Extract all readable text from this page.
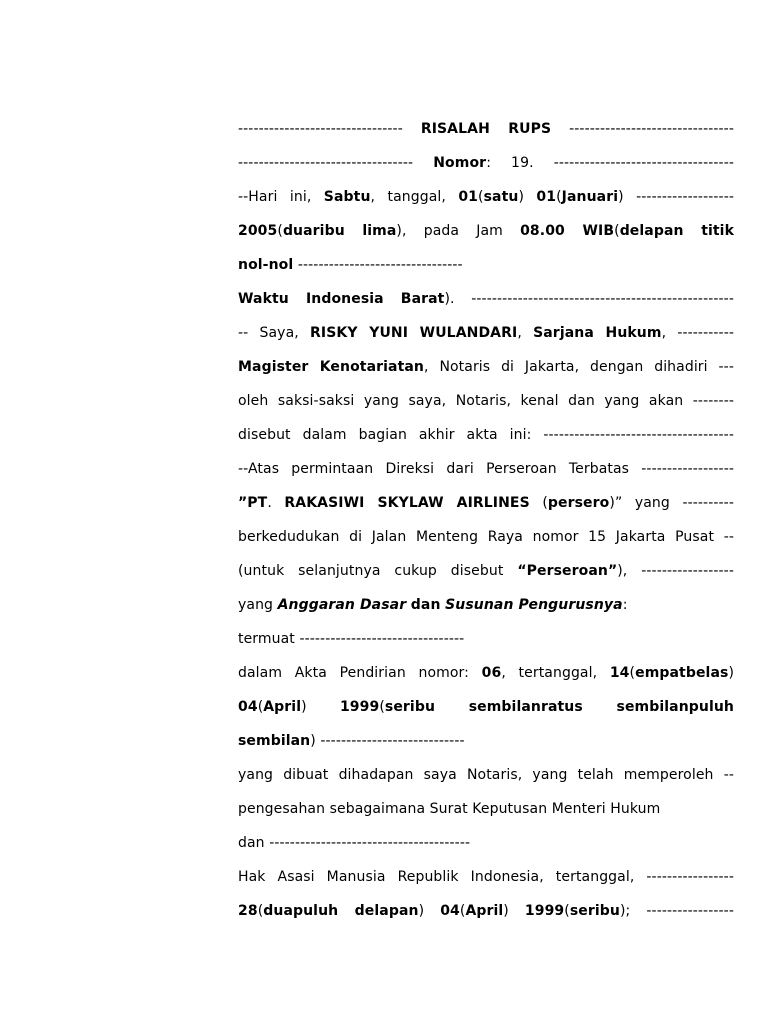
-------------------------------- RISALAH RUPS --------------------------------
---------------------------------- Nomor: 19. -----------------------------------
--Hari ini, Sabtu, tanggal, 01(satu) 01(Januari) -------------------
2005(duaribu lima), pada Jam 08.00 WIB(delapan titik
nol-nol --------------------------------
Waktu Indonesia Barat). ---------------------------------------------------
-- Saya, RISKY YUNI WULANDARI, Sarjana Hukum, -----------
Magister Kenotariatan, Notaris di Jakarta, dengan dihadiri ---
oleh saksi-saksi yang saya, Notaris, kenal dan yang akan --------
disebut dalam bagian akhir akta ini: -------------------------------------
--Atas permintaan Direksi dari Perseroan Terbatas ------------------
”PT. RAKASIWI SKYLAW AIRLINES (persero)” yang ----------
berkedudukan di Jalan Menteng Raya nomor 15 Jakarta Pusat --
(untuk selanjutnya cukup disebut “Perseroan”), ------------------
yang Anggaran Dasar dan Susunan Pengurusnya:
termuat --------------------------------
dalam Akta Pendirian nomor: 06, tertanggal, 14(empatbelas)
04(April) 1999(seribu sembilanratus sembilanpuluh
sembilan) ----------------------------
yang dibuat dihadapan saya Notaris, yang telah memperoleh --
pengesahan sebagaimana Surat Keputusan Menteri Hukum
dan ---------------------------------------
Hak Asasi Manusia Republik Indonesia, tertanggal, -----------------
28(duapuluh delapan) 04(April) 1999(seribu); -----------------
